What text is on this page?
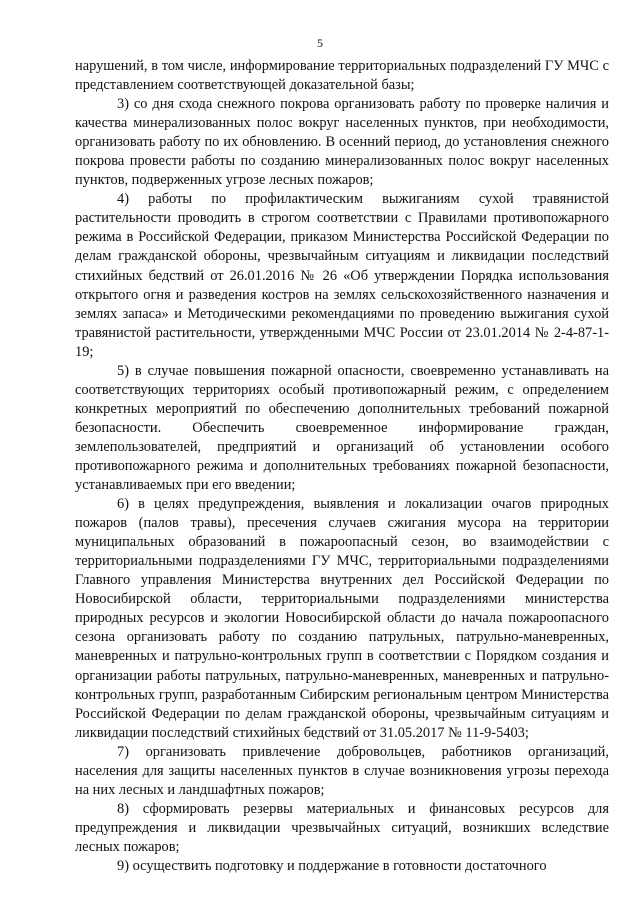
5

нарушений, в том числе, информирование территориальных подразделений ГУ МЧС с представлением соответствующей доказательной базы;

3) со дня схода снежного покрова организовать работу по проверке наличия и качества минерализованных полос вокруг населенных пунктов, при необходимости, организовать работу по их обновлению. В осенний период, до установления снежного покрова провести работы по созданию минерализованных полос вокруг населенных пунктов, подверженных угрозе лесных пожаров;

4) работы по профилактическим выжиганиям сухой травянистой растительности проводить в строгом соответствии с Правилами противопожарного режима в Российской Федерации, приказом Министерства Российской Федерации по делам гражданской обороны, чрезвычайным ситуациям и ликвидации последствий стихийных бедствий от 26.01.2016 № 26 «Об утверждении Порядка использования открытого огня и разведения костров на землях сельскохозяйственного назначения и землях запаса» и Методическими рекомендациями по проведению выжигания сухой травянистой растительности, утвержденными МЧС России от 23.01.2014 № 2-4-87-1-19;

5) в случае повышения пожарной опасности, своевременно устанавливать на соответствующих территориях особый противопожарный режим, с определением конкретных мероприятий по обеспечению дополнительных требований пожарной безопасности. Обеспечить своевременное информирование граждан, землепользователей, предприятий и организаций об установлении особого противопожарного режима и дополнительных требованиях пожарной безопасности, устанавливаемых при его введении;

6) в целях предупреждения, выявления и локализации очагов природных пожаров (палов травы), пресечения случаев сжигания мусора на территории муниципальных образований в пожароопасный сезон, во взаимодействии с территориальными подразделениями ГУ МЧС, территориальными подразделениями Главного управления Министерства внутренних дел Российской Федерации по Новосибирской области, территориальными подразделениями министерства природных ресурсов и экологии Новосибирской области до начала пожароопасного сезона организовать работу по созданию патрульных, патрульно-маневренных, маневренных и патрульно-контрольных групп в соответствии с Порядком создания и организации работы патрульных, патрульно-маневренных, маневренных и патрульно-контрольных групп, разработанным Сибирским региональным центром Министерства Российской Федерации по делам гражданской обороны, чрезвычайным ситуациям и ликвидации последствий стихийных бедствий от 31.05.2017 № 11-9-5403;

7) организовать привлечение добровольцев, работников организаций, населения для защиты населенных пунктов в случае возникновения угрозы перехода на них лесных и ландшафтных пожаров;

8) сформировать резервы материальных и финансовых ресурсов для предупреждения и ликвидации чрезвычайных ситуаций, возникших вследствие лесных пожаров;

9) осуществить подготовку и поддержание в готовности достаточного
